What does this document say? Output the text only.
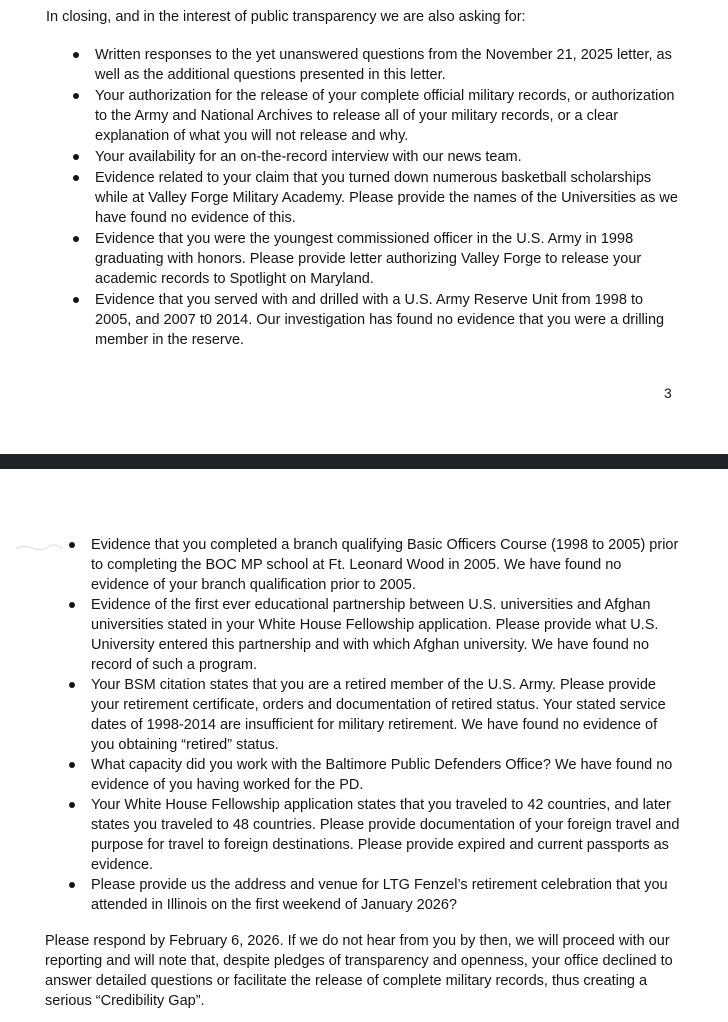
In closing, and in the interest of public transparency we are also asking for:

Written responses to the yet unanswered questions from the November 21, 2025 letter, as well as the additional questions presented in this letter.
Your authorization for the release of your complete official military records, or authorization to the Army and National Archives to release all of your military records, or a clear explanation of what you will not release and why.
Your availability for an on-the-record interview with our news team.
Evidence related to your claim that you turned down numerous basketball scholarships while at Valley Forge Military Academy. Please provide the names of the Universities as we have found no evidence of this.
Evidence that you were the youngest commissioned officer in the U.S. Army in 1998 graduating with honors. Please provide letter authorizing Valley Forge to release your academic records to Spotlight on Maryland.
Evidence that you served with and drilled with a U.S. Army Reserve Unit from 1998 to 2005, and 2007 t0 2014. Our investigation has found no evidence that you were a drilling member in the reserve.
3
Evidence that you completed a branch qualifying Basic Officers Course (1998 to 2005) prior to completing the BOC MP school at Ft. Leonard Wood in 2005. We have found no evidence of your branch qualification prior to 2005.
Evidence of the first ever educational partnership between U.S. universities and Afghan universities stated in your White House Fellowship application. Please provide what U.S. University entered this partnership and with which Afghan university. We have found no record of such a program.
Your BSM citation states that you are a retired member of the U.S. Army. Please provide your retirement certificate, orders and documentation of retired status. Your stated service dates of 1998-2014 are insufficient for military retirement. We have found no evidence of you obtaining “retired” status.
What capacity did you work with the Baltimore Public Defenders Office? We have found no evidence of you having worked for the PD.
Your White House Fellowship application states that you traveled to 42 countries, and later states you traveled to 48 countries. Please provide documentation of your foreign travel and purpose for travel to foreign destinations. Please provide expired and current passports as evidence.
Please provide us the address and venue for LTG Fenzel’s retirement celebration that you attended in Illinois on the first weekend of January 2026?

Please respond by February 6, 2026. If we do not hear from you by then, we will proceed with our reporting and will note that, despite pledges of transparency and openness, your office declined to answer detailed questions or facilitate the release of complete military records, thus creating a serious “Credibility Gap”.
